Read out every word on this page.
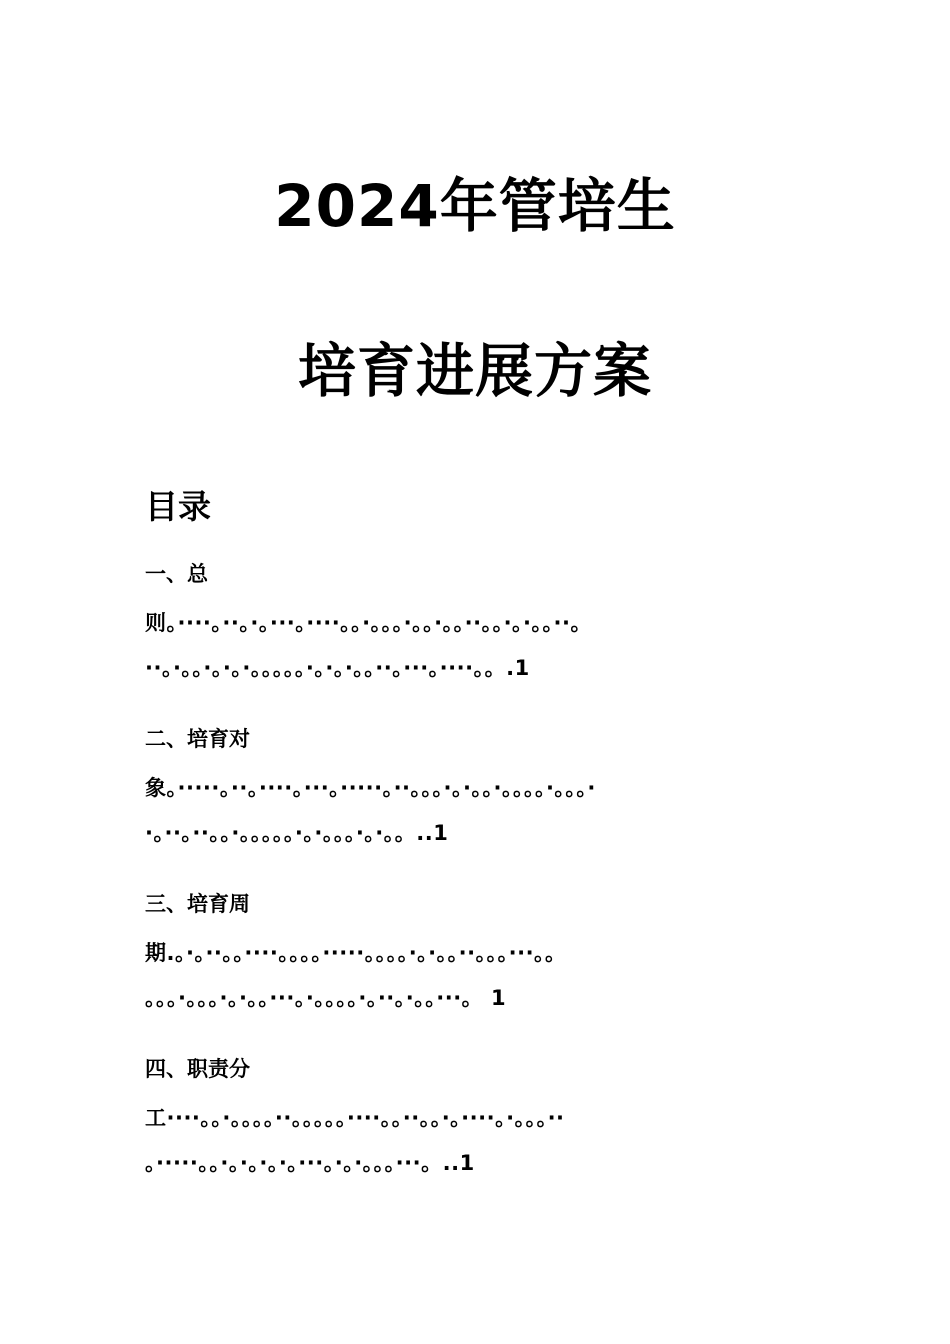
2024年管培生
培育进展方案
目录
一、总
则。····。··。·。···。····。。·。。。·。。·。。··。。·。·。。··。
··。·。。·。·。·。。。。。·。·。·。。··。···。····。。.1
二、培育对
象。·····。··。····。···。·····。··。。。·。·。。·。。。。·。。。·
·。··。··。。·。。。。。·。·。。。·。·。。..1
三、培育周
期.。·。··。。····。。。。·····。。。。·。·。。··。。。···。。
。。。·。。。·。·。。···。·。。。。·。··。·。。···。 1
四、职责分
工····。。·。。。。··。。。。。····。。··。。·。····。·。。。··
。·····。。·。·。·。·。···。·。·。。。···。..1
